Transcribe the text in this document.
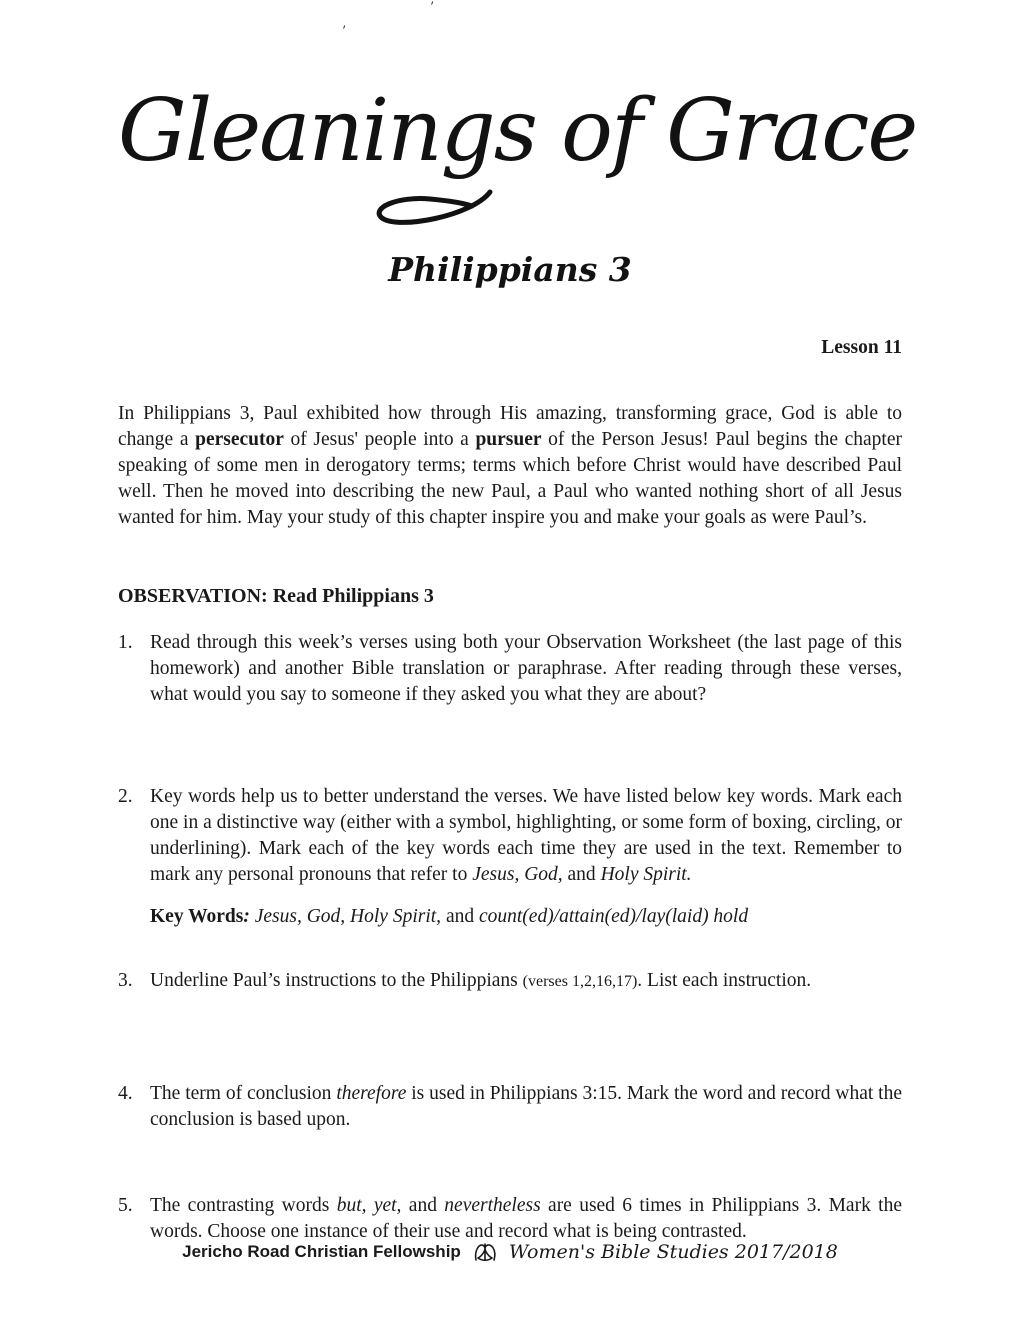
’
’
Gleanings of Grace
Philippians 3
Lesson 11

In Philippians 3, Paul exhibited how through His amazing, transforming grace, God is able to change a persecutor of Jesus' people into a pursuer of the Person Jesus! Paul begins the chapter speaking of some men in derogatory terms; terms which before Christ would have described Paul well. Then he moved into describing the new Paul, a Paul who wanted nothing short of all Jesus wanted for him. May your study of this chapter inspire you and make your goals as were Paul’s.

OBSERVATION: Read Philippians 3
1. Read through this week’s verses using both your Observation Worksheet (the last page of this homework) and another Bible translation or paraphrase. After reading through these verses, what would you say to someone if they asked you what they are about?
2. Key words help us to better understand the verses. We have listed below key words. Mark each one in a distinctive way (either with a symbol, highlighting, or some form of boxing, circling, or underlining). Mark each of the key words each time they are used in the text. Remember to mark any personal pronouns that refer to Jesus, God, and Holy Spirit.
Key Words: Jesus, God, Holy Spirit, and count(ed)/attain(ed)/lay(laid) hold
3. Underline Paul’s instructions to the Philippians (verses 1,2,16,17). List each instruction.
4. The term of conclusion therefore is used in Philippians 3:15. Mark the word and record what the conclusion is based upon.
5. The contrasting words but, yet, and nevertheless are used 6 times in Philippians 3. Mark the words. Choose one instance of their use and record what is being contrasted.
Jericho Road Christian Fellowship	Women's Bible Studies 2017/2018
